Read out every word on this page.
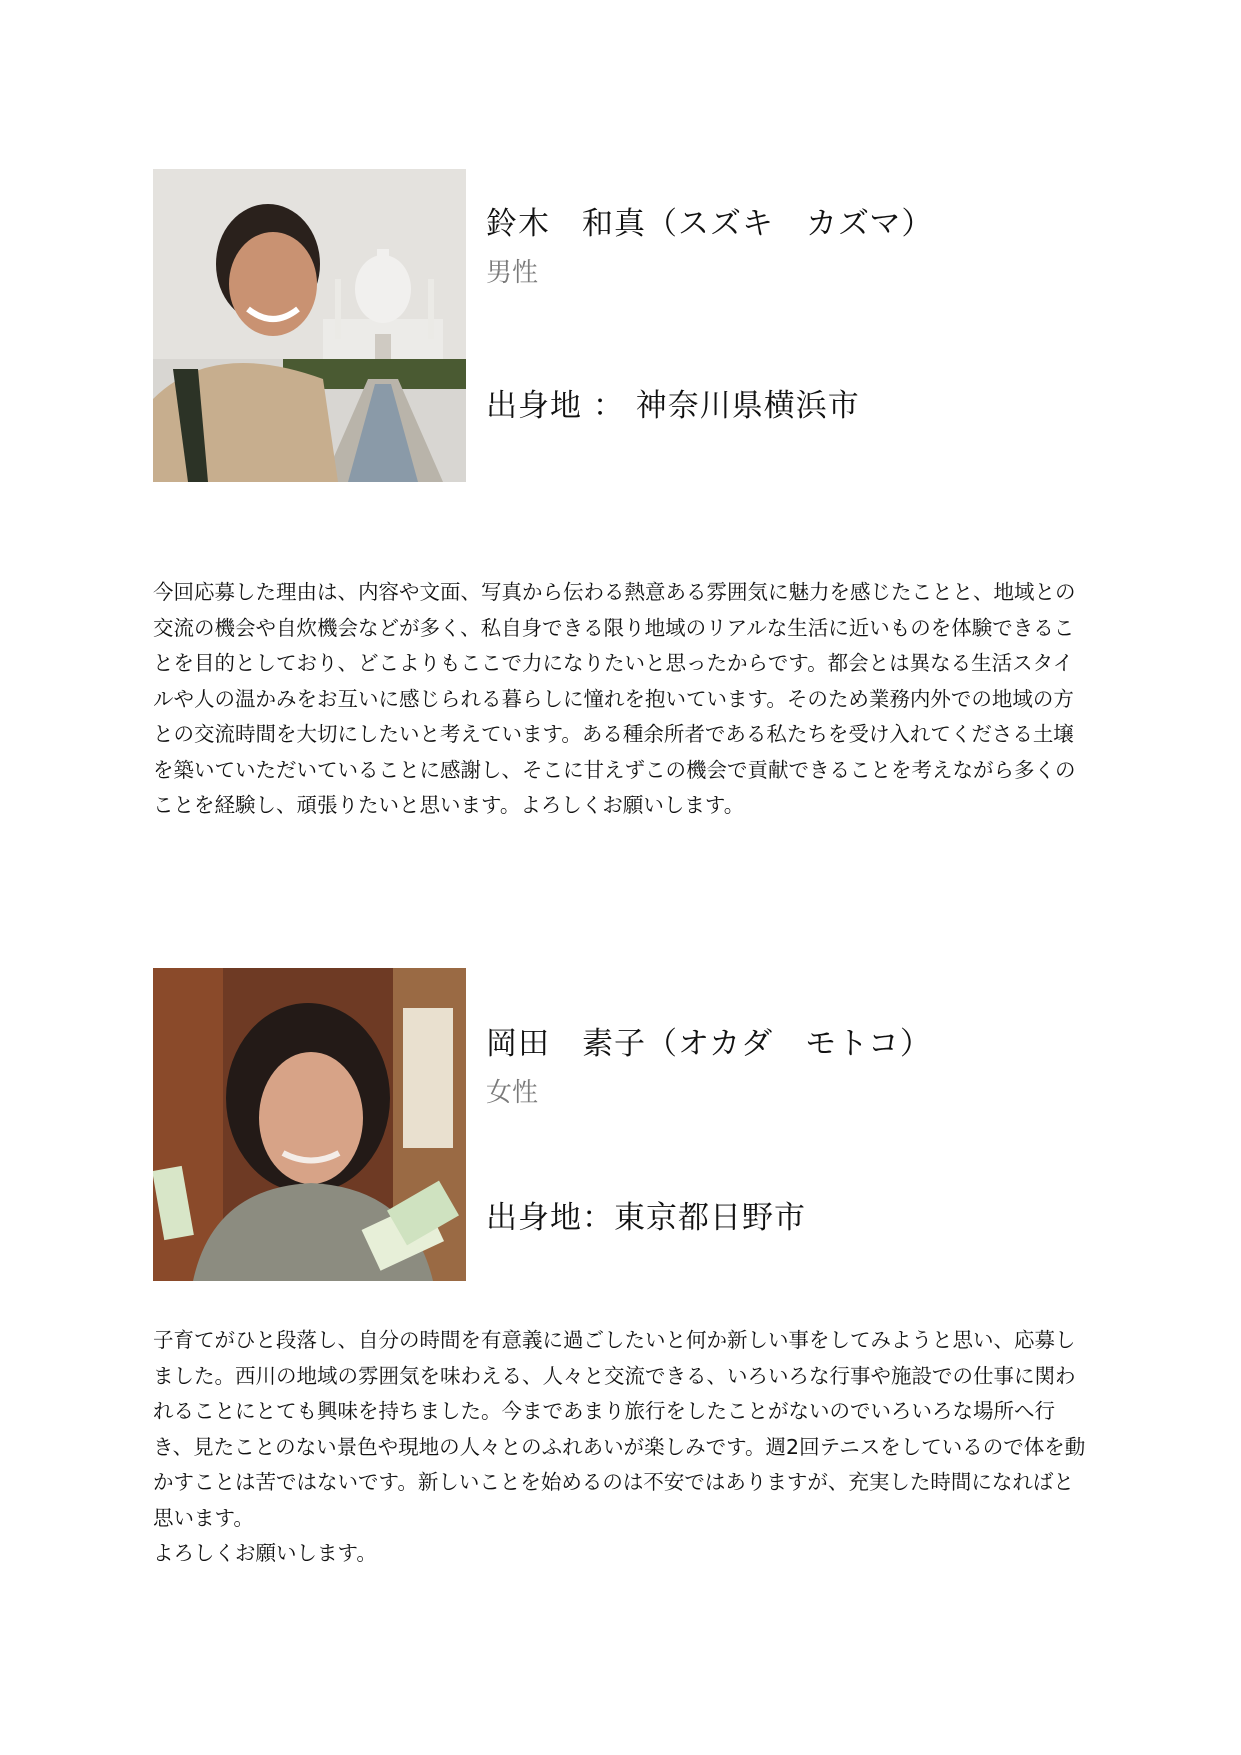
鈴木　和真（スズキ　カズマ）
男性
出身地 ： 神奈川県横浜市

今回応募した理由は、内容や文面、写真から伝わる熱意ある雰囲気に魅力を感じたことと、地域との交流の機会や自炊機会などが多く、私自身できる限り地域のリアルな生活に近いものを体験できることを目的としており、どこよりもここで力になりたいと思ったからです。都会とは異なる生活スタイルや人の温かみをお互いに感じられる暮らしに憧れを抱いています。そのため業務内外での地域の方との交流時間を大切にしたいと考えています。ある種余所者である私たちを受け入れてくださる土壌を築いていただいていることに感謝し、そこに甘えずこの機会で貢献できることを考えながら多くのことを経験し、頑張りたいと思います。よろしくお願いします。

岡田　素子（オカダ　モトコ）
女性
出身地：東京都日野市

子育てがひと段落し、自分の時間を有意義に過ごしたいと何か新しい事をしてみようと思い、応募しました。西川の地域の雰囲気を味わえる、人々と交流できる、いろいろな行事や施設での仕事に関われることにとても興味を持ちました。今まであまり旅行をしたことがないのでいろいろな場所へ行き、見たことのない景色や現地の人々とのふれあいが楽しみです。週2回テニスをしているので体を動かすことは苦ではないです。新しいことを始めるのは不安ではありますが、充実した時間になればと思います。

よろしくお願いします。
